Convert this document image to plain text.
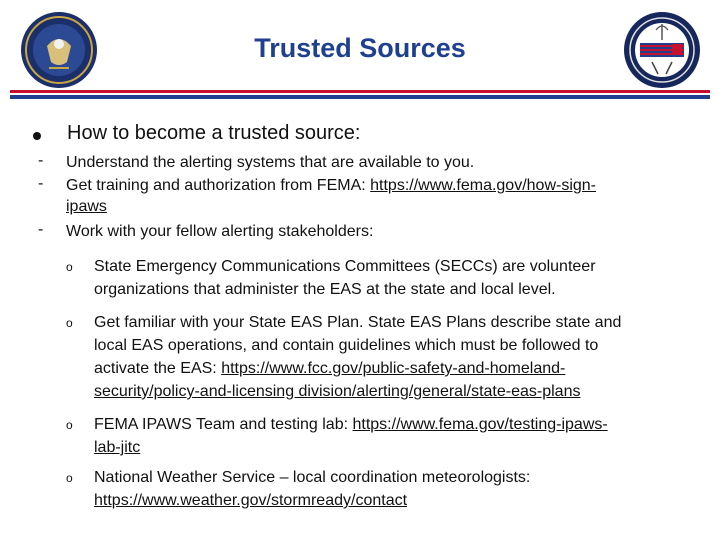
Trusted Sources
How to become a trusted source:
- Understand the alerting systems that are available to you.
- Get training and authorization from FEMA: https://www.fema.gov/how-sign-
ipaws
- Work with your fellow alerting stakeholders:
o State Emergency Communications Committees (SECCs) are volunteer
organizations that administer the EAS at the state and local level.
o Get familiar with your State EAS Plan. State EAS Plans describe state and
local EAS operations, and contain guidelines which must be followed to
activate the EAS: https://www.fcc.gov/public-safety-and-homeland-
security/policy-and-licensing division/alerting/general/state-eas-plans
o FEMA IPAWS Team and testing lab: https://www.fema.gov/testing-ipaws-
lab-jitc
o National Weather Service – local coordination meteorologists:
https://www.weather.gov/stormready/contact
